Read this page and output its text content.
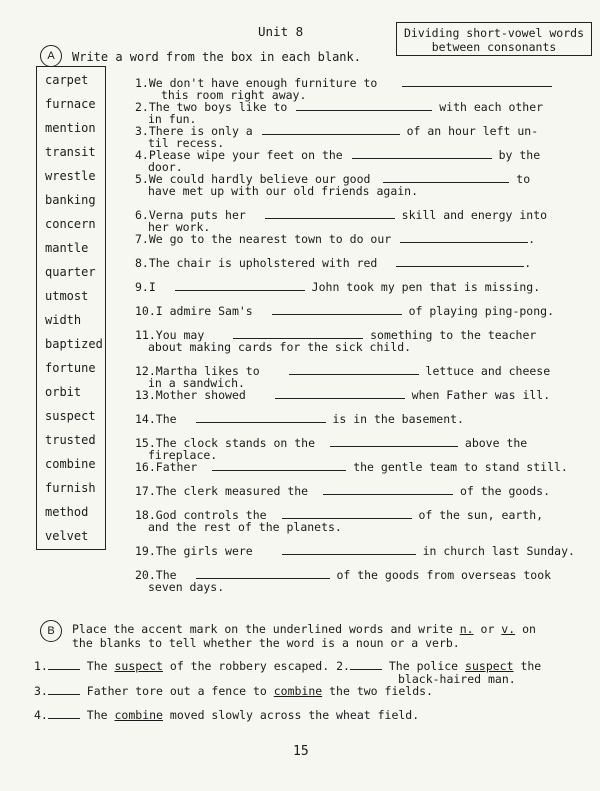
Unit 8	Dividing short-vowel words
between consonants
A	Write a word from the box in each blank.
carpet
furnace
mention
transit
wrestle
banking
concern
mantle
quarter
utmost
width
baptized
fortune
orbit
suspect
trusted
combine
furnish
method
velvet
1.We don't have enough furniture to
this room right away.
2.The two boys like to	with each other
in fun.
3.There is only a	of an hour left un-
til recess.
4.Please wipe your feet on the	by the
door.
5.We could hardly believe our good	to
have met up with our old friends again.
6.Verna puts her	skill and energy into
her work.
7.We go to the nearest town to do our	.
8.The chair is upholstered with red	.
9.I	John took my pen that is missing.
10.I admire Sam's	of playing ping-pong.
11.You may	something to the teacher
about making cards for the sick child.
12.Martha likes to	lettuce and cheese
in a sandwich.
13.Mother showed	when Father was ill.
14.The	is in the basement.
15.The clock stands on the	above the
fireplace.
16.Father	the gentle team to stand still.
17.The clerk measured the	of the goods.
18.God controls the	of the sun, earth,
and the rest of the planets.
19.The girls were	in church last Sunday.
20.The	of the goods from overseas took
seven days.
B	Place the accent mark on the underlined words and write n. or v. on
the blanks to tell whether the word is a noun or a verb.
1.	The suspect of the robbery escaped. 2.	The police suspect the
black-haired man.
3.	Father tore out a fence to combine the two fields.
4.	The combine moved slowly across the wheat field.
15
